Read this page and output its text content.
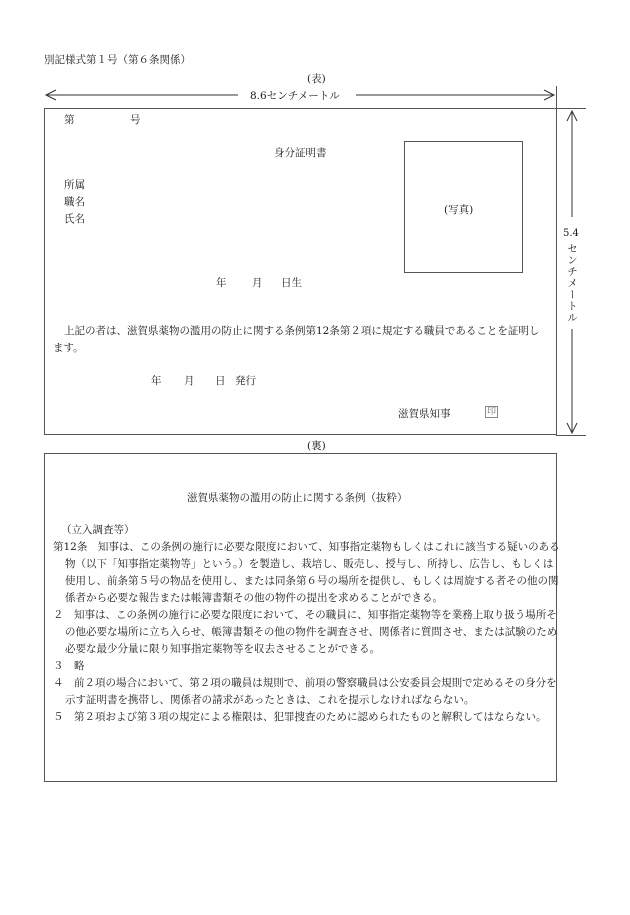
別記様式第１号（第６条関係）
(表)
8.6センチメートル
第	号
身分証明書
所属
職名
氏名
(写真)
年 月 日生
上記の者は、滋賀県薬物の濫用の防止に関する条例第12条第２項に規定する職員であることを証明します。
年 月 日 発行
滋賀県知事	印
5.4
センチメートル
(裏)
滋賀県薬物の濫用の防止に関する条例（抜粋）
（立入調査等）
第12条　知事は、この条例の施行に必要な限度において、知事指定薬物もしくはこれに該当する疑いのある物（以下「知事指定薬物等」という。）を製造し、栽培し、販売し、授与し、所持し、広告し、もしくは使用し、前条第５号の物品を使用し、または同条第６号の場所を提供し、もしくは周旋する者その他の関係者から必要な報告または帳簿書類その他の物件の提出を求めることができる。
２　知事は、この条例の施行に必要な限度において、その職員に、知事指定薬物等を業務上取り扱う場所その他必要な場所に立ち入らせ、帳簿書類その他の物件を調査させ、関係者に質問させ、または試験のため必要な最少分量に限り知事指定薬物等を収去させることができる。
３　略
４　前２項の場合において、第２項の職員は規則で、前項の警察職員は公安委員会規則で定めるその身分を示す証明書を携帯し、関係者の請求があったときは、これを提示しなければならない。
５　第２項および第３項の規定による権限は、犯罪捜査のために認められたものと解釈してはならない。
